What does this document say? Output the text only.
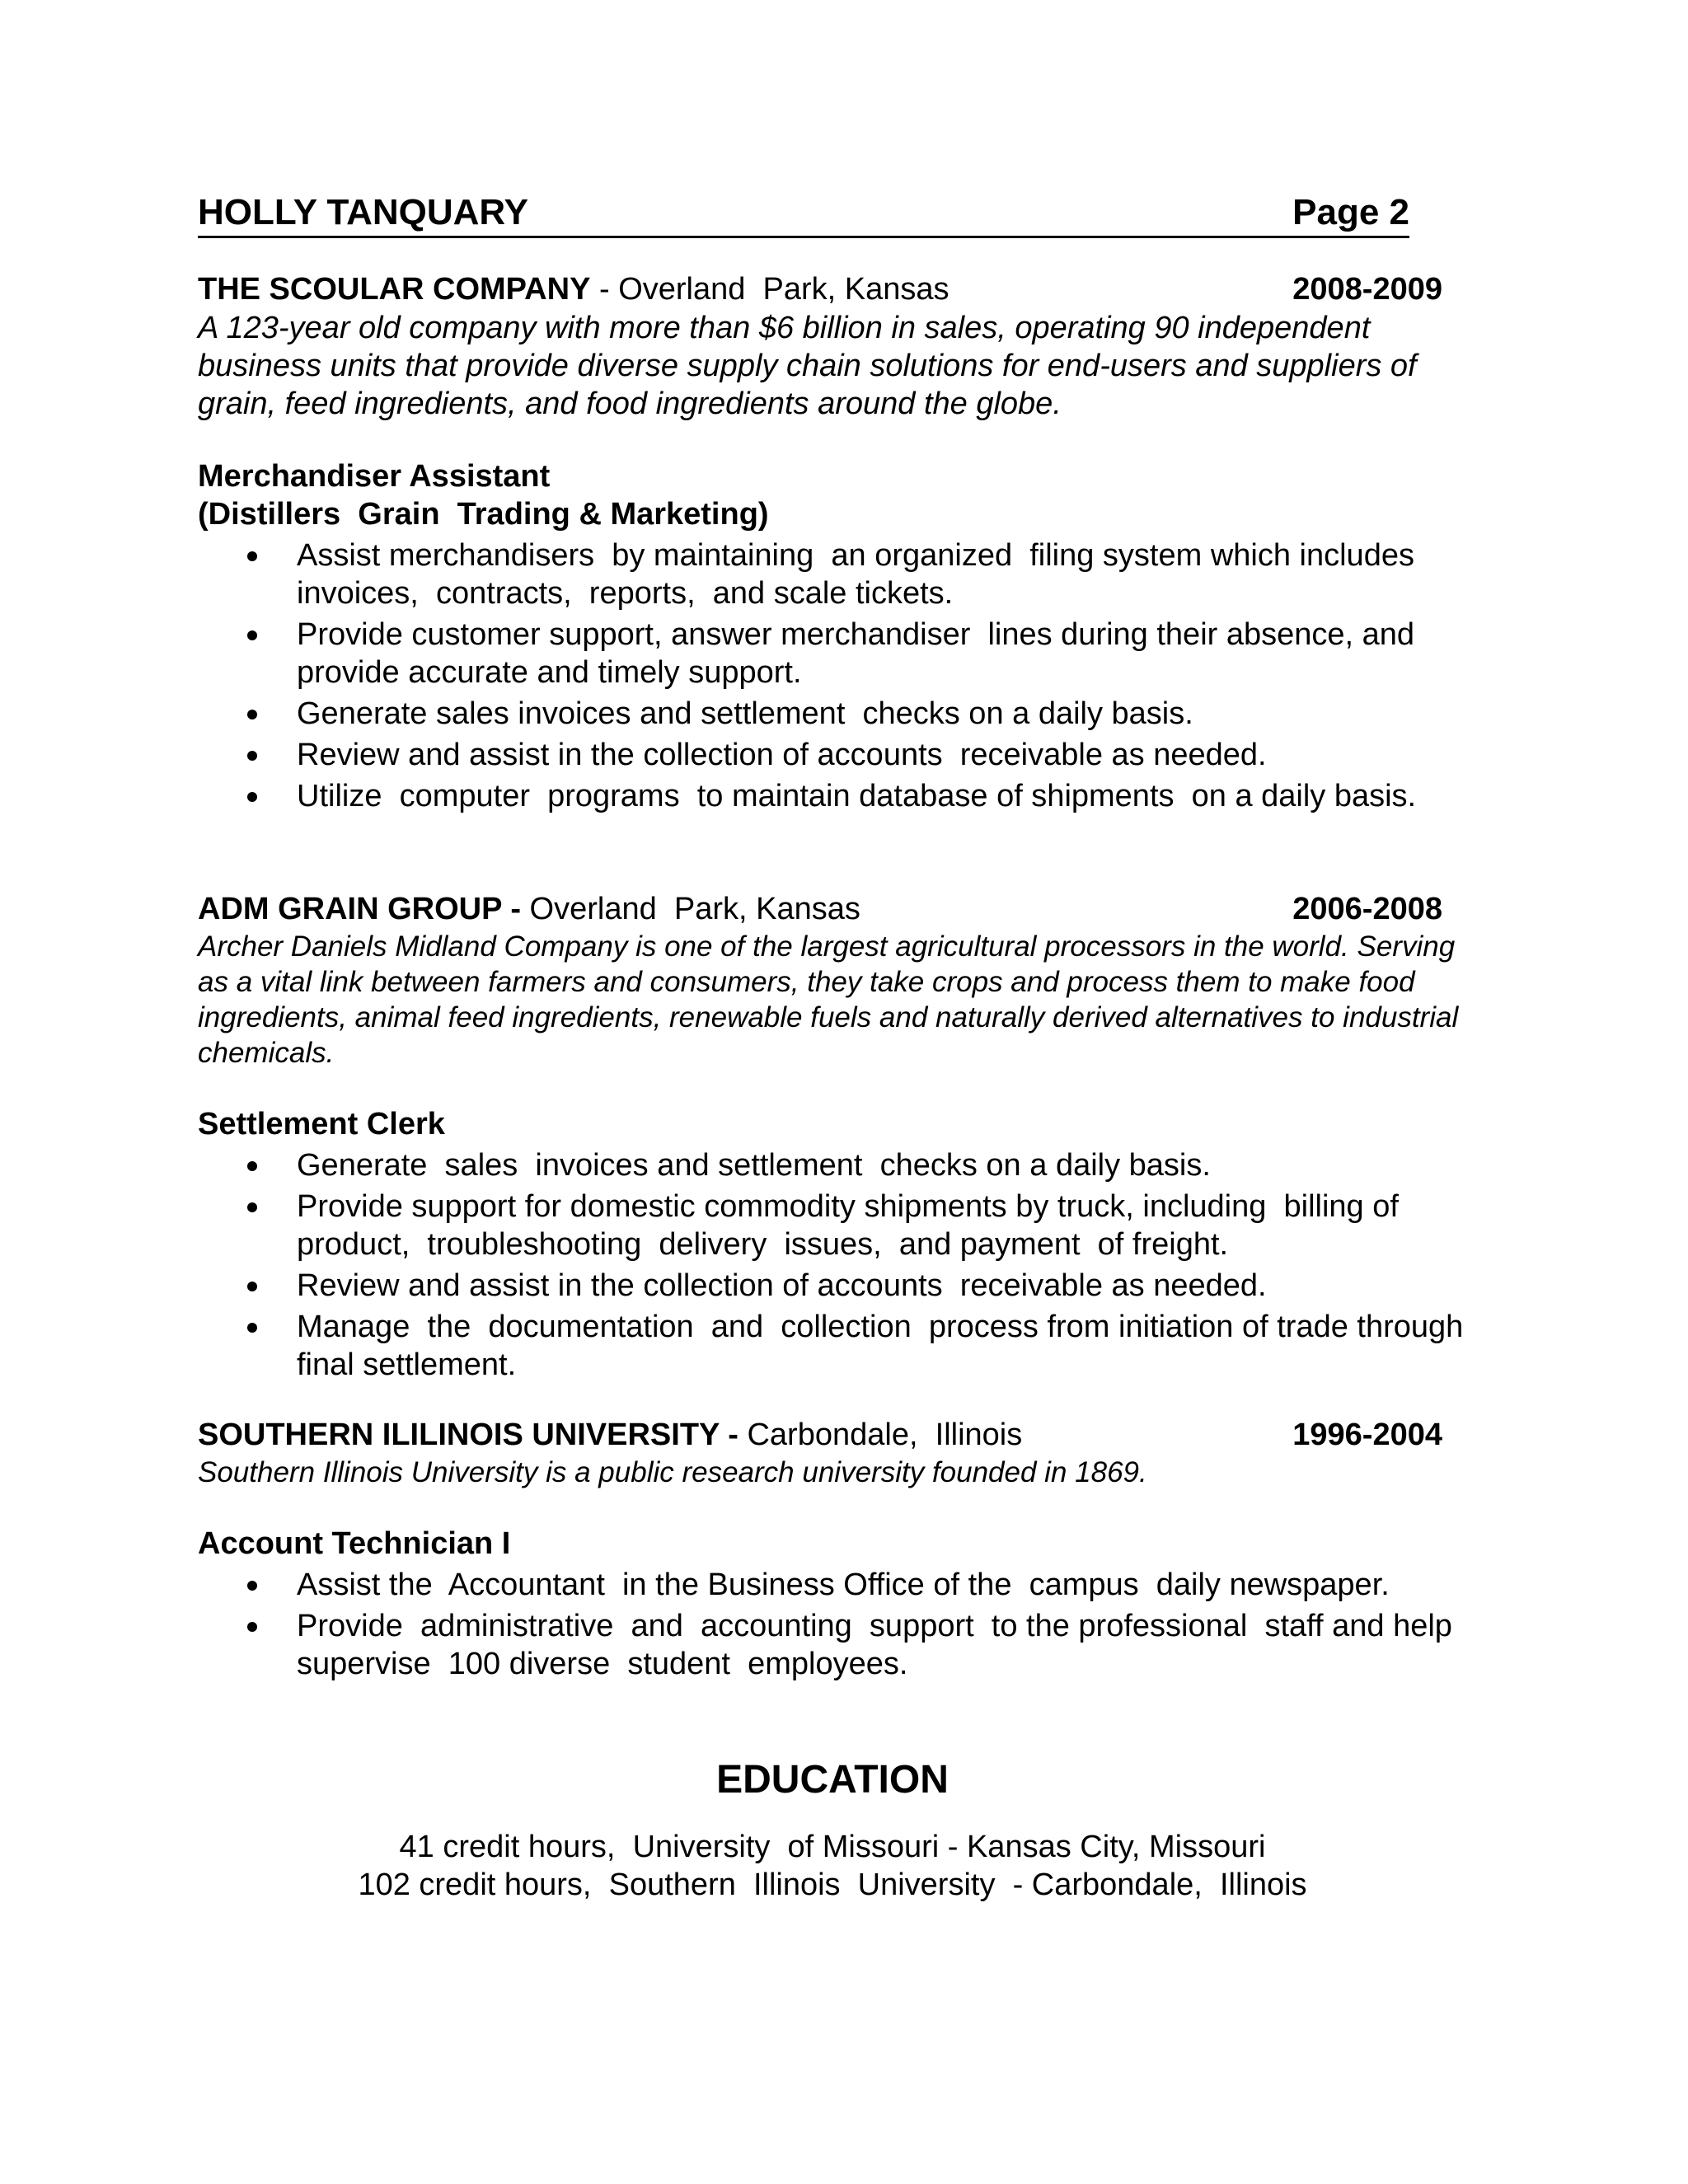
HOLLY TANQUARY	Page 2
THE SCOULAR COMPANY - Overland  Park, Kansas	2008-2009
A 123-year old company with more than $6 billion in sales, operating 90 independent business units that provide diverse supply chain solutions for end-users and suppliers of grain, feed ingredients, and food ingredients around the globe.
Merchandiser Assistant
(Distillers  Grain  Trading & Marketing)
Assist merchandisers  by maintaining  an organized  filing system which includes invoices,  contracts,  reports,  and scale tickets.
Provide customer support, answer merchandiser  lines during their absence, and provide accurate and timely support.
Generate sales invoices and settlement  checks on a daily basis.
Review and assist in the collection of accounts  receivable as needed.
Utilize  computer  programs  to maintain database of shipments  on a daily basis.
ADM GRAIN GROUP - Overland  Park, Kansas	2006-2008
Archer Daniels Midland Company is one of the largest agricultural processors in the world. Serving as a vital link between farmers and consumers, they take crops and process them to make food ingredients, animal feed ingredients, renewable fuels and naturally derived alternatives to industrial chemicals.
Settlement Clerk
Generate  sales  invoices and settlement  checks on a daily basis.
Provide support for domestic commodity shipments by truck, including  billing of product,  troubleshooting  delivery  issues,  and payment  of freight.
Review and assist in the collection of accounts  receivable as needed.
Manage  the  documentation  and  collection  process from initiation of trade through final settlement.
SOUTHERN ILILINOIS UNIVERSITY - Carbondale,  Illinois	1996-2004
Southern Illinois University is a public research university founded in 1869.
Account Technician I
Assist the  Accountant  in the Business Office of the  campus  daily newspaper.
Provide  administrative  and  accounting  support  to the professional  staff and help supervise  100 diverse  student  employees.
EDUCATION
41 credit hours,  University  of Missouri - Kansas City, Missouri
102 credit hours,  Southern  Illinois  University  - Carbondale,  Illinois
